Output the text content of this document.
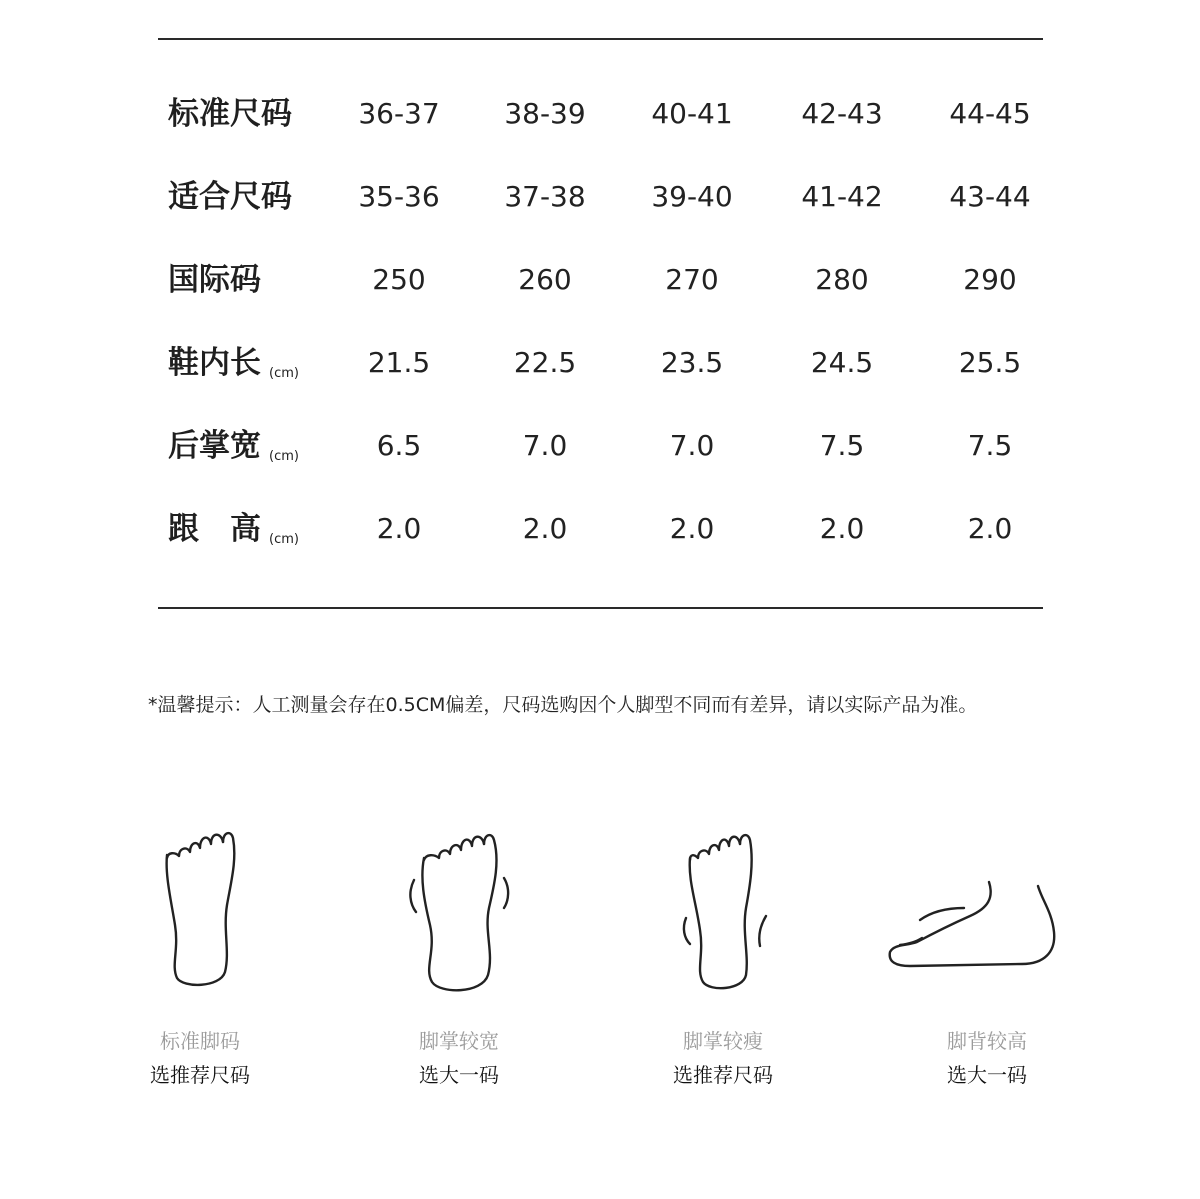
标准尺码	36-37	38-39	40-41	42-43	44-45
适合尺码	35-36	37-38	39-40	41-42	43-44
国际码	250	260	270	280	290
鞋内长 (cm)	21.5	22.5	23.5	24.5	25.5
后掌宽 (cm)	6.5	7.0	7.0	7.5	7.5
跟　高 (cm)	2.0	2.0	2.0	2.0	2.0
*温馨提示：人工测量会存在0.5CM偏差，尺码选购因个人脚型不同而有差异，请以实际产品为准。
标准脚码
选推荐尺码
脚掌较宽
选大一码
脚掌较瘦
选推荐尺码
脚背较高
选大一码
